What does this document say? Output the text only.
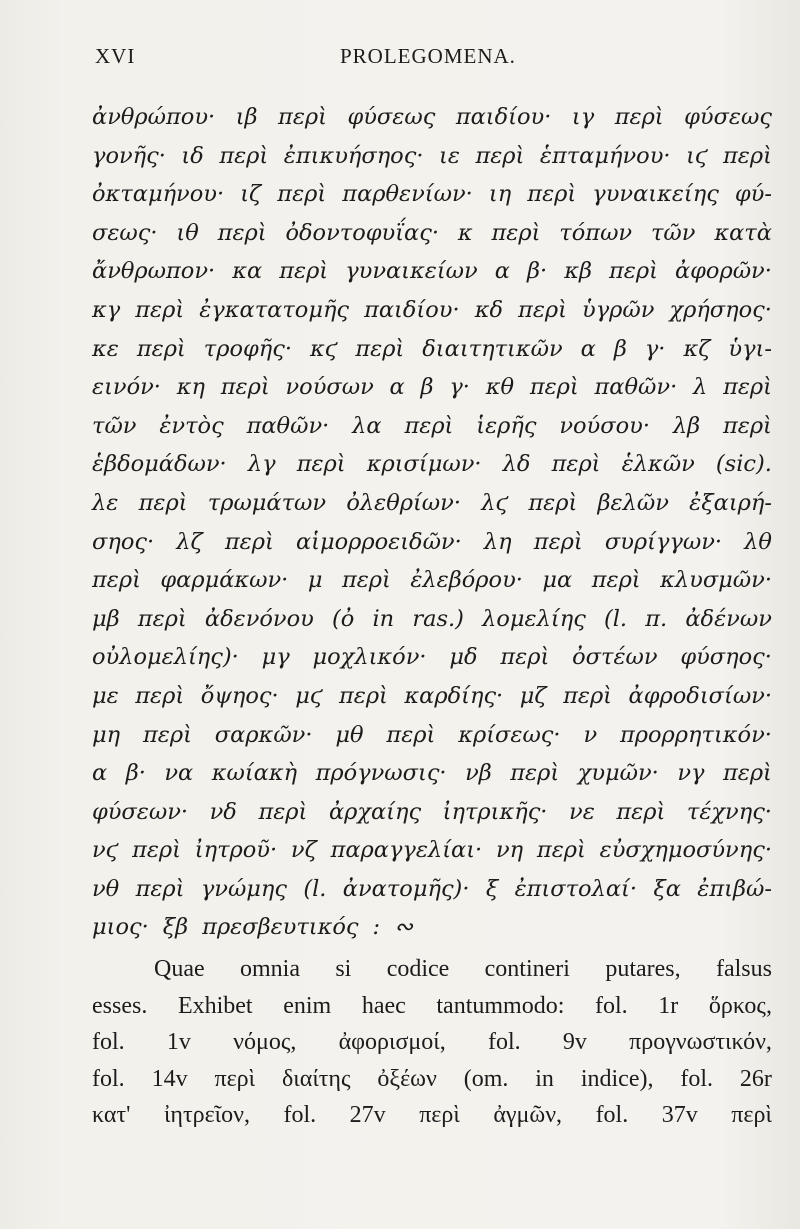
XVI	PROLEGOMENA.
ἀνθρώπου· ιβ περὶ φύσεως παιδίου· ιγ περὶ φύσεως
γονῆς· ιδ περὶ ἐπικυήσηος· ιε περὶ ἑπταμήνου· ιϛ περὶ
ὀκταμήνου· ιζ περὶ παρθενίων· ιη περὶ γυναικείης φύ-
σεως· ιθ περὶ ὀδοντοφυΐας· κ περὶ τόπων τῶν κατὰ
ἄνθρωπον· κα περὶ γυναικείων α β· κβ περὶ ἀφορῶν·
κγ περὶ ἐγκατατομῆς παιδίου· κδ περὶ ὑγρῶν χρήσηος·
κε περὶ τροφῆς· κϛ περὶ διαιτητικῶν α β γ· κζ ὑγι-
εινόν· κη περὶ νούσων α β γ· κθ περὶ παθῶν· λ περὶ
τῶν ἐντὸς παθῶν· λα περὶ ἱερῆς νούσου· λβ περὶ
ἑβδομάδων· λγ περὶ κρισίμων· λδ περὶ ἑλκῶν (sic).
λε περὶ τρωμάτων ὀλεθρίων· λϛ περὶ βελῶν ἐξαιρή-
σηος· λζ περὶ αἱμορροειδῶν· λη περὶ συρίγγων· λθ
περὶ φαρμάκων· μ περὶ ἐλεβόρου· μα περὶ κλυσμῶν·
μβ περὶ ἀδενόνου (ὀ in ras.) λομελίης (l. π. ἀδένων
οὐλομελίης)· μγ μοχλικόν· μδ περὶ ὀστέων φύσηος·
με περὶ ὄψηος· μϛ περὶ καρδίης· μζ περὶ ἀφροδισίων·
μη περὶ σαρκῶν· μθ περὶ κρίσεως· ν προρρητικόν·
α β· να κωίακὴ πρόγνωσις· νβ περὶ χυμῶν· νγ περὶ
φύσεων· νδ περὶ ἀρχαίης ἰητρικῆς· νε περὶ τέχνης·
νϛ περὶ ἰητροῦ· νζ παραγγελίαι· νη περὶ εὐσχημοσύνης·
νθ περὶ γνώμης (l. ἀνατομῆς)· ξ ἐπιστολαί· ξα ἐπιβώ-
μιος· ξβ πρεσβευτικός : ∾
Quae omnia si codice contineri putares, falsus
esses. Exhibet enim haec tantummodo: fol. 1r ὅρκος,
fol. 1v νόμος, ἀφορισμοί, fol. 9v προγνωστικόν,
fol. 14v περὶ διαίτης ὀξέων (om. in indice), fol. 26r
κατ' ἰητρεῖον, fol. 27v περὶ ἀγμῶν, fol. 37v περὶ
